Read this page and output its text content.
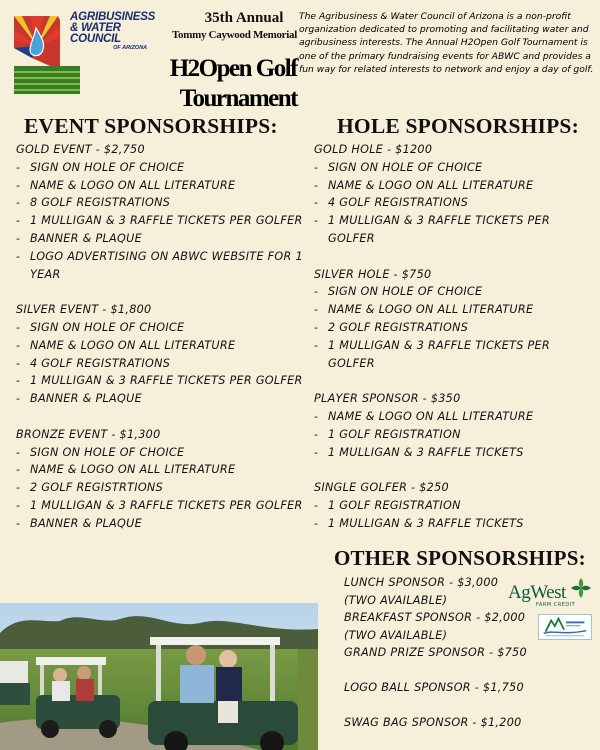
AGRIBUSINESS
& WATER
COUNCIL
OF ARIZONA
35th Annual
Tommy Caywood Memorial
H2Open Golf Tournament
The Agribusiness & Water Council of Arizona is a non-profit organization dedicated to promoting and facilitating water and agribusiness interests. The Annual H2Open Golf Tournament is one of the primary fundraising events for ABWC and provides a fun way for related interests to network and enjoy a day of golf.
EVENT SPONSORSHIPS:	HOLE SPONSORSHIPS:
OTHER SPONSORSHIPS:
GOLD EVENT - $2,750
- SIGN ON HOLE OF CHOICE
- NAME & LOGO ON ALL LITERATURE
- 8 GOLF REGISTRATIONS
- 1 MULLIGAN & 3 RAFFLE TICKETS PER GOLFER
- BANNER & PLAQUE
- LOGO ADVERTISING ON ABWC WEBSITE FOR 1 YEAR
SILVER EVENT - $1,800
- SIGN ON HOLE OF CHOICE
- NAME & LOGO ON ALL LITERATURE
- 4 GOLF REGISTRATIONS
- 1 MULLIGAN & 3 RAFFLE TICKETS PER GOLFER
- BANNER & PLAQUE
BRONZE EVENT - $1,300
- SIGN ON HOLE OF CHOICE
- NAME & LOGO ON ALL LITERATURE
- 2 GOLF REGISTRTIONS
- 1 MULLIGAN & 3 RAFFLE TICKETS PER GOLFER
- BANNER & PLAQUE
GOLD HOLE - $1200
- SIGN ON HOLE OF CHOICE
- NAME & LOGO ON ALL LITERATURE
- 4 GOLF REGISTRATIONS
- 1 MULLIGAN & 3 RAFFLE TICKETS PER GOLFER
SILVER HOLE - $750
- SIGN ON HOLE OF CHOICE
- NAME & LOGO ON ALL LITERATURE
- 2 GOLF REGISTRATIONS
- 1 MULLIGAN & 3 RAFFLE TICKETS PER GOLFER
PLAYER SPONSOR - $350
- NAME & LOGO ON ALL LITERATURE
- 1 GOLF REGISTRATION
- 1 MULLIGAN & 3 RAFFLE TICKETS
SINGLE GOLFER - $250
- 1 GOLF REGISTRATION
- 1 MULLIGAN & 3 RAFFLE TICKETS
LUNCH SPONSOR - $3,000
(TWO AVAILABLE)
BREAKFAST SPONSOR - $2,000
(TWO AVAILABLE)
GRAND PRIZE SPONSOR - $750
LOGO BALL SPONSOR - $1,750
SWAG BAG SPONSOR - $1,200
AgWest
FARM CREDIT
